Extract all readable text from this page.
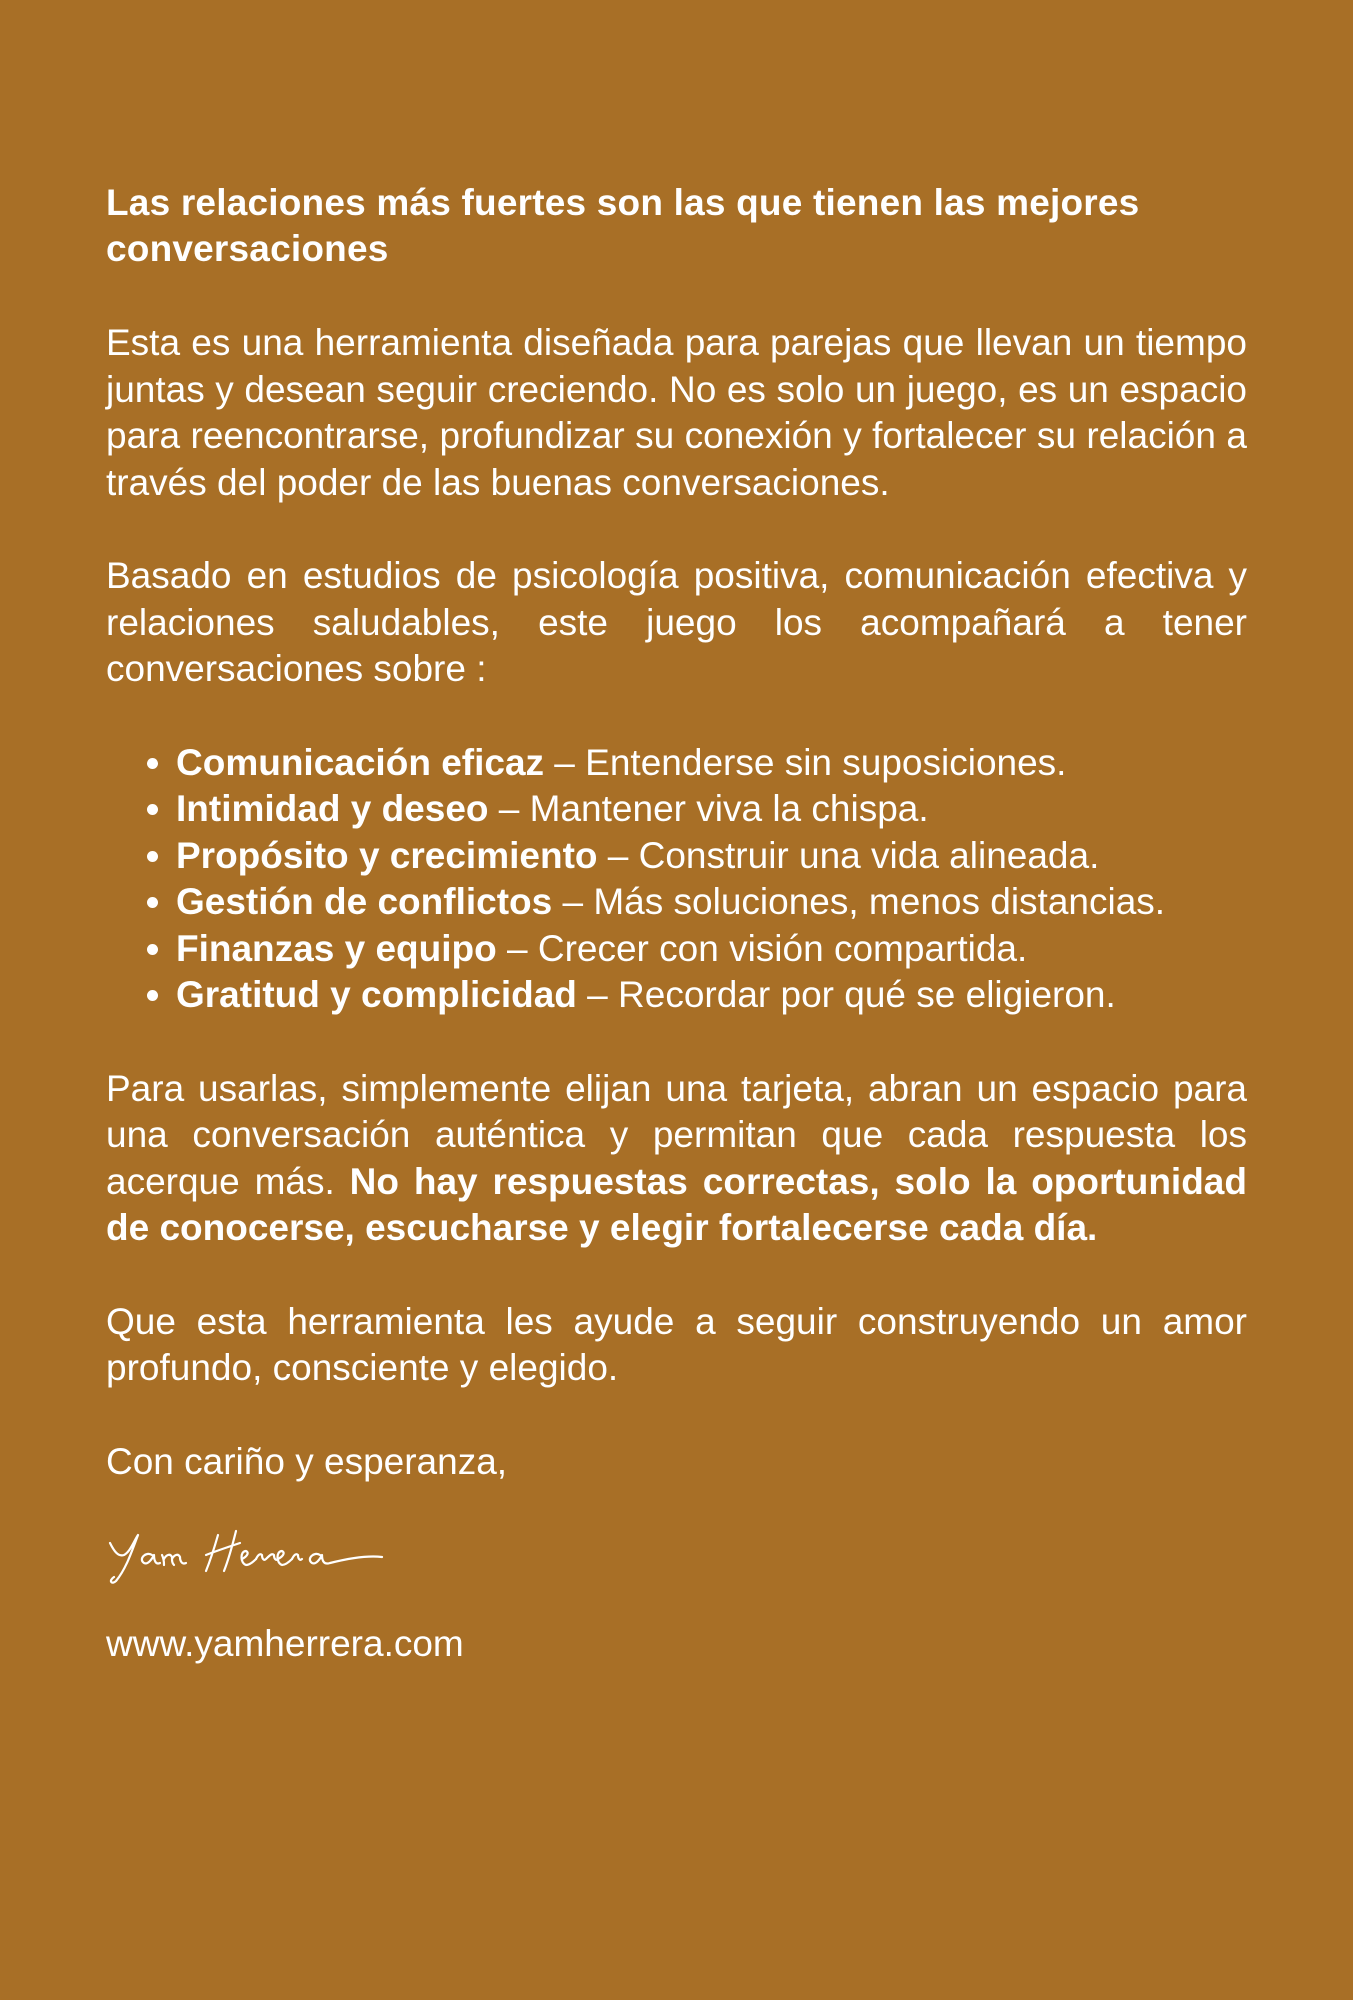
Las relaciones más fuertes son las que tienen las mejores conversaciones

Esta es una herramienta diseñada para parejas que llevan un tiempo juntas y desean seguir creciendo. No es solo un juego, es un espacio para reencontrarse, profundizar su conexión y fortalecer su relación a través del poder de las buenas conversaciones.

Basado en estudios de psicología positiva, comunicación efectiva y relaciones saludables, este juego los acompañará a tener conversaciones sobre :

• Comunicación eficaz – Entenderse sin suposiciones.
• Intimidad y deseo – Mantener viva la chispa.
• Propósito y crecimiento – Construir una vida alineada.
• Gestión de conflictos – Más soluciones, menos distancias.
• Finanzas y equipo – Crecer con visión compartida.
• Gratitud y complicidad – Recordar por qué se eligieron.

Para usarlas, simplemente elijan una tarjeta, abran un espacio para una conversación auténtica y permitan que cada respuesta los acerque más. No hay respuestas correctas, solo la oportunidad de conocerse, escucharse y elegir fortalecerse cada día.

Que esta herramienta les ayude a seguir construyendo un amor profundo, consciente y elegido.

Con cariño y esperanza,

www.yamherrera.com
